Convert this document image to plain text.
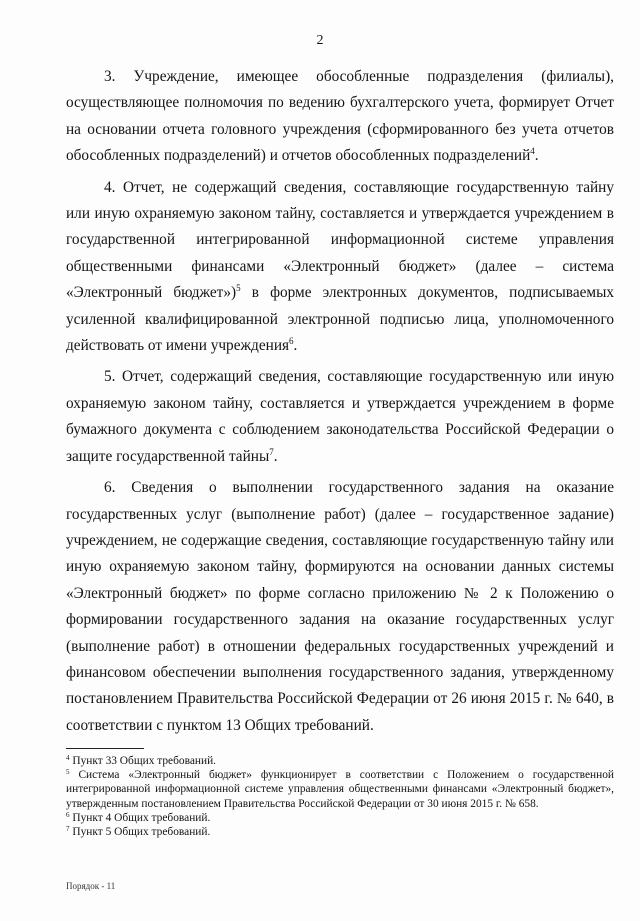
2

3. Учреждение, имеющее обособленные подразделения (филиалы), осуществляющее полномочия по ведению бухгалтерского учета, формирует Отчет на основании отчета головного учреждения (сформированного без учета отчетов обособленных подразделений) и отчетов обособленных подразделений$^4$.

4. Отчет, не содержащий сведения, составляющие государственную тайну или иную охраняемую законом тайну, составляется и утверждается учреждением в государственной интегрированной информационной системе управления общественными финансами «Электронный бюджет» (далее – система «Электронный бюджет»)$^5$ в форме электронных документов, подписываемых усиленной квалифицированной электронной подписью лица, уполномоченного действовать от имени учреждения$^6$.

5. Отчет, содержащий сведения, составляющие государственную или иную охраняемую законом тайну, составляется и утверждается учреждением в форме бумажного документа с соблюдением законодательства Российской Федерации о защите государственной тайны$^7$.

6. Сведения о выполнении государственного задания на оказание государственных услуг (выполнение работ) (далее – государственное задание) учреждением, не содержащие сведения, составляющие государственную тайну или иную охраняемую законом тайну, формируются на основании данных системы «Электронный бюджет» по форме согласно приложению № 2 к Положению о формировании государственного задания на оказание государственных услуг (выполнение работ) в отношении федеральных государственных учреждений и финансовом обеспечении выполнения государственного задания, утвержденному постановлением Правительства Российской Федерации от 26 июня 2015 г. № 640, в соответствии с пунктом 13 Общих требований.

$^4$ Пункт 33 Общих требований.

$^5$ Система «Электронный бюджет» функционирует в соответствии с Положением о государственной интегрированной информационной системе управления общественными финансами «Электронный бюджет», утвержденным постановлением Правительства Российской Федерации от 30 июня 2015 г. № 658.

$^6$ Пункт 4 Общих требований.

$^7$ Пункт 5 Общих требований.

Порядок - 11
